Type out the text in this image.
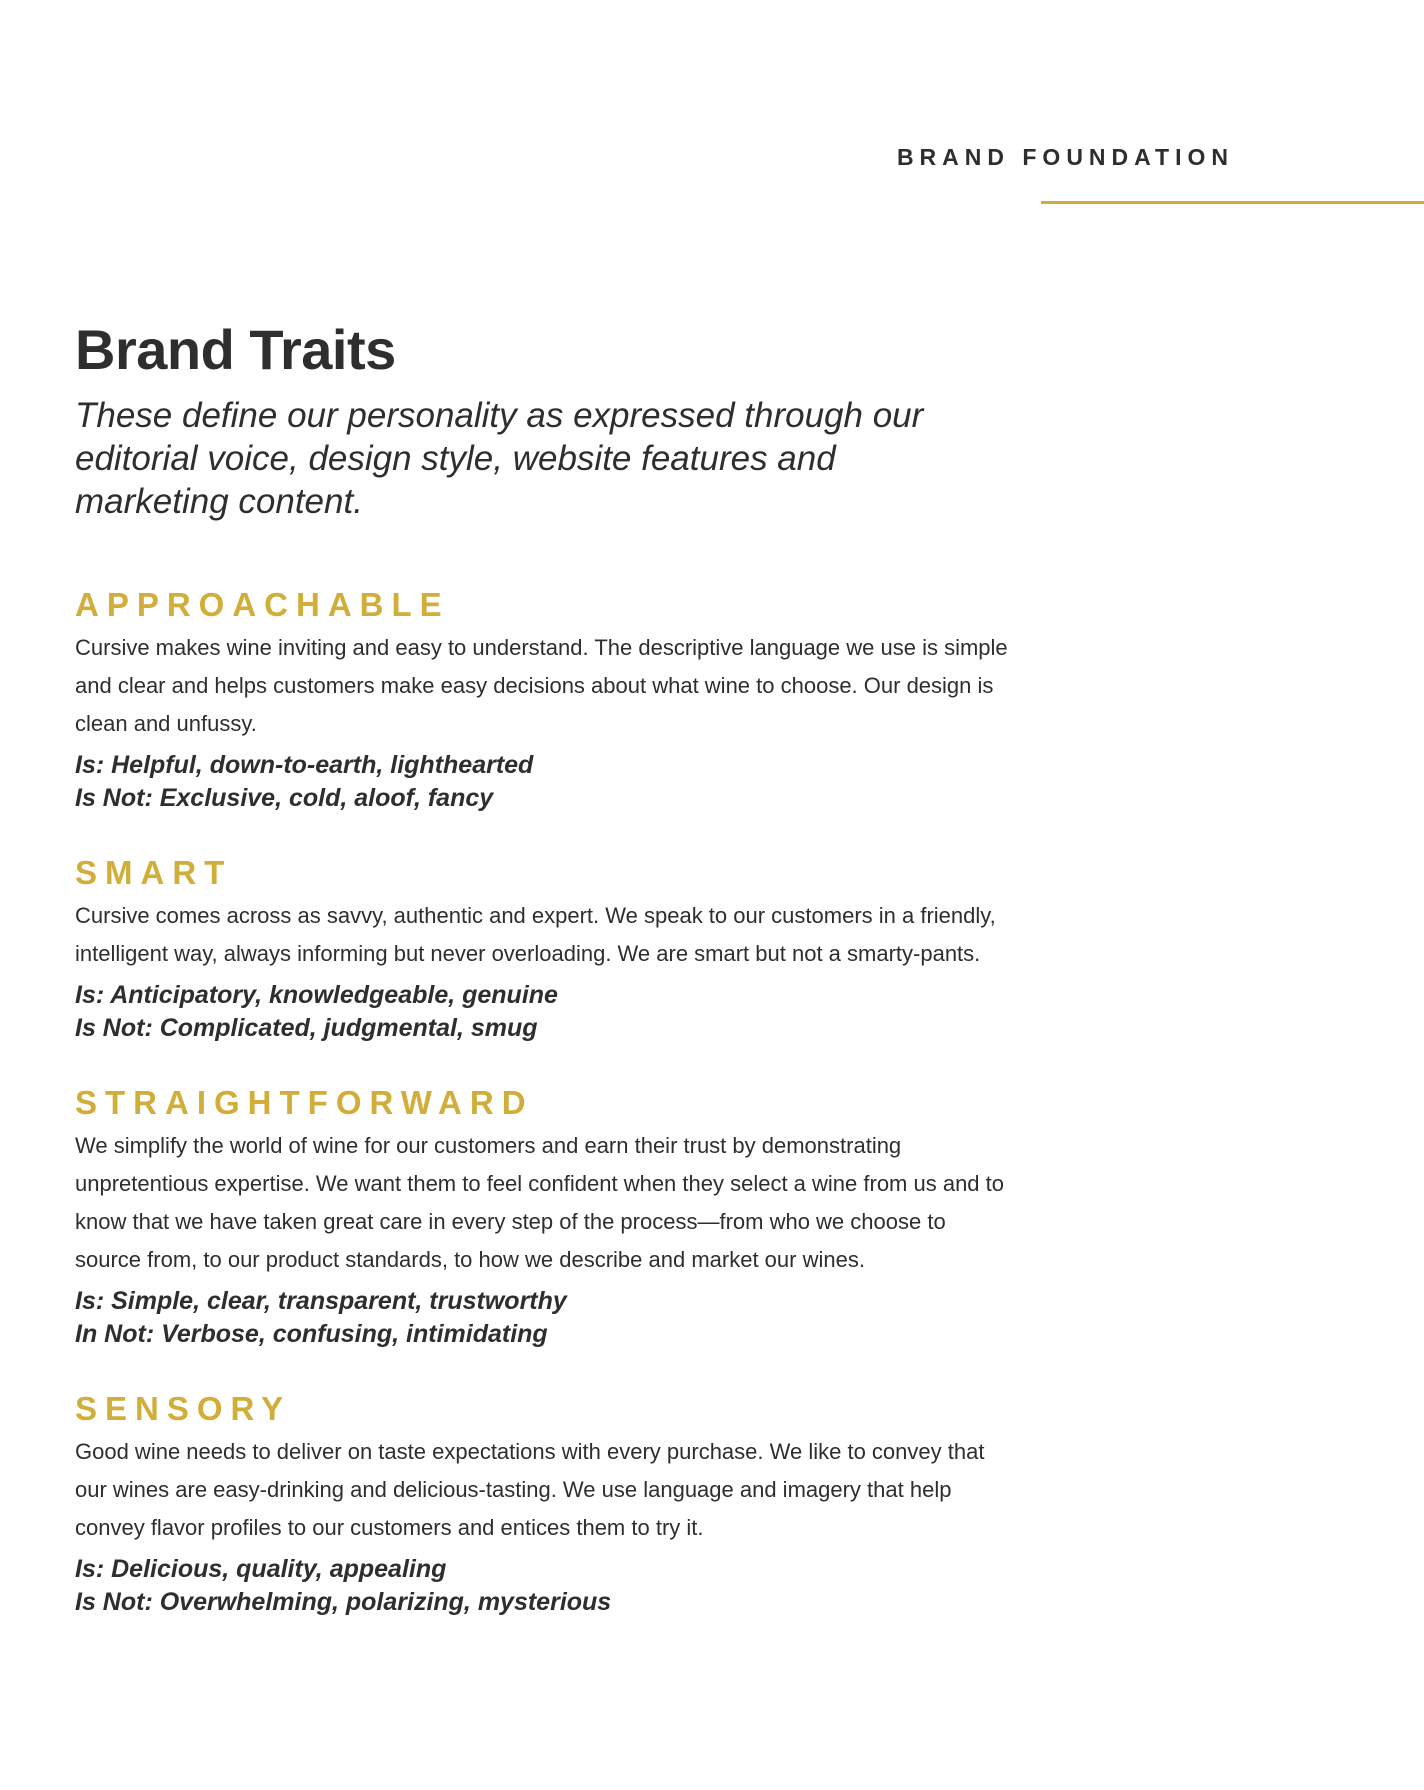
BRAND FOUNDATION
Brand Traits

These define our personality as expressed through our editorial voice, design style, website features and marketing content.

APPROACHABLE

Cursive makes wine inviting and easy to understand. The descriptive language we use is simple and clear and helps customers make easy decisions about what wine to choose. Our design is clean and unfussy.

Is: Helpful, down-to-earth, lighthearted

Is Not: Exclusive, cold, aloof, fancy

SMART

Cursive comes across as savvy, authentic and expert. We speak to our customers in a friendly, intelligent way, always informing but never overloading. We are smart but not a smarty-pants.

Is: Anticipatory, knowledgeable, genuine

Is Not: Complicated, judgmental, smug

STRAIGHTFORWARD

We simplify the world of wine for our customers and earn their trust by demonstrating unpretentious expertise. We want them to feel confident when they select a wine from us and to know that we have taken great care in every step of the process—from who we choose to source from, to our product standards, to how we describe and market our wines.

Is: Simple, clear, transparent, trustworthy

In Not: Verbose, confusing, intimidating

SENSORY

Good wine needs to deliver on taste expectations with every purchase. We like to convey that our wines are easy-drinking and delicious-tasting. We use language and imagery that help convey flavor profiles to our customers and entices them to try it.

Is: Delicious, quality, appealing

Is Not: Overwhelming, polarizing, mysterious
